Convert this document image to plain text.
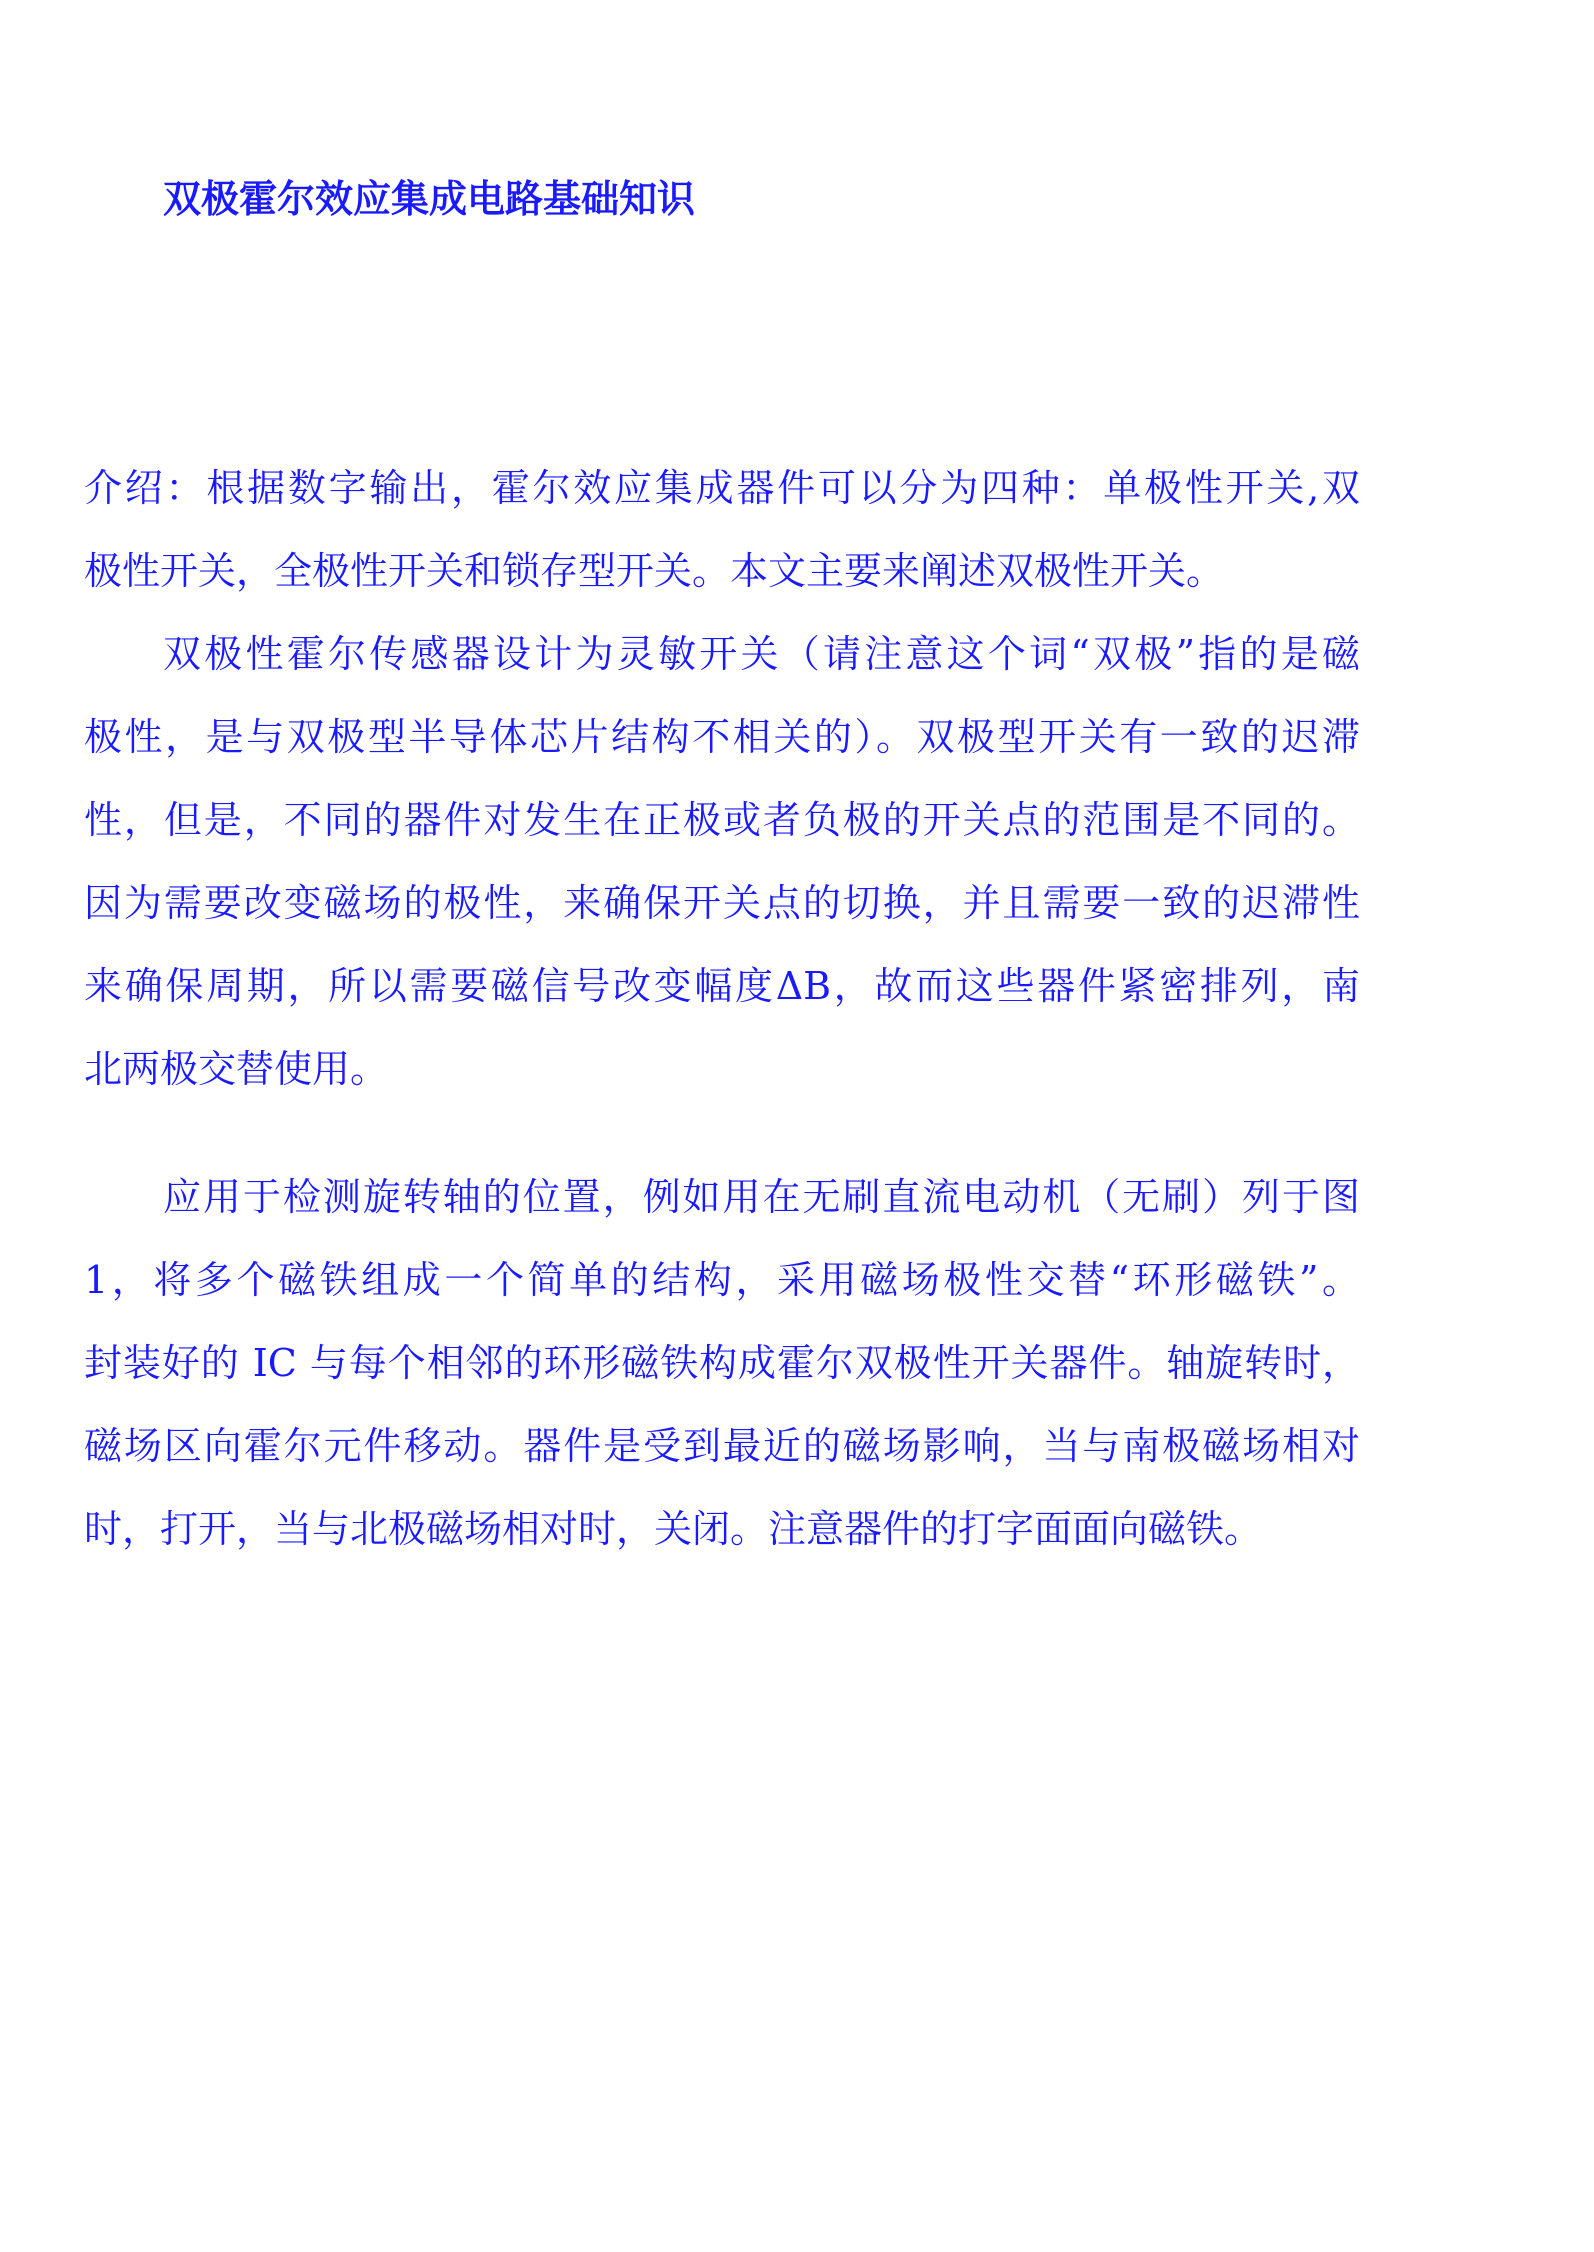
双极霍尔效应集成电路基础知识

介绍：根据数字输出，霍尔效应集成器件可以分为四种：单极性开关,双

极性开关，全极性开关和锁存型开关。本文主要来阐述双极性开关。

双极性霍尔传感器设计为灵敏开关（请注意这个词“双极”指的是磁

极性，是与双极型半导体芯片结构不相关的）。双极型开关有一致的迟滞

性，但是，不同的器件对发生在正极或者负极的开关点的范围是不同的。

因为需要改变磁场的极性，来确保开关点的切换，并且需要一致的迟滞性

来确保周期，所以需要磁信号改变幅度ΔB，故而这些器件紧密排列，南

北两极交替使用。

应用于检测旋转轴的位置，例如用在无刷直流电动机（无刷）列于图

1，将多个磁铁组成一个简单的结构，采用磁场极性交替“环形磁铁”。

封装好的 IC 与每个相邻的环形磁铁构成霍尔双极性开关器件。轴旋转时，

磁场区向霍尔元件移动。器件是受到最近的磁场影响，当与南极磁场相对

时，打开，当与北极磁场相对时，关闭。注意器件的打字面面向磁铁。
